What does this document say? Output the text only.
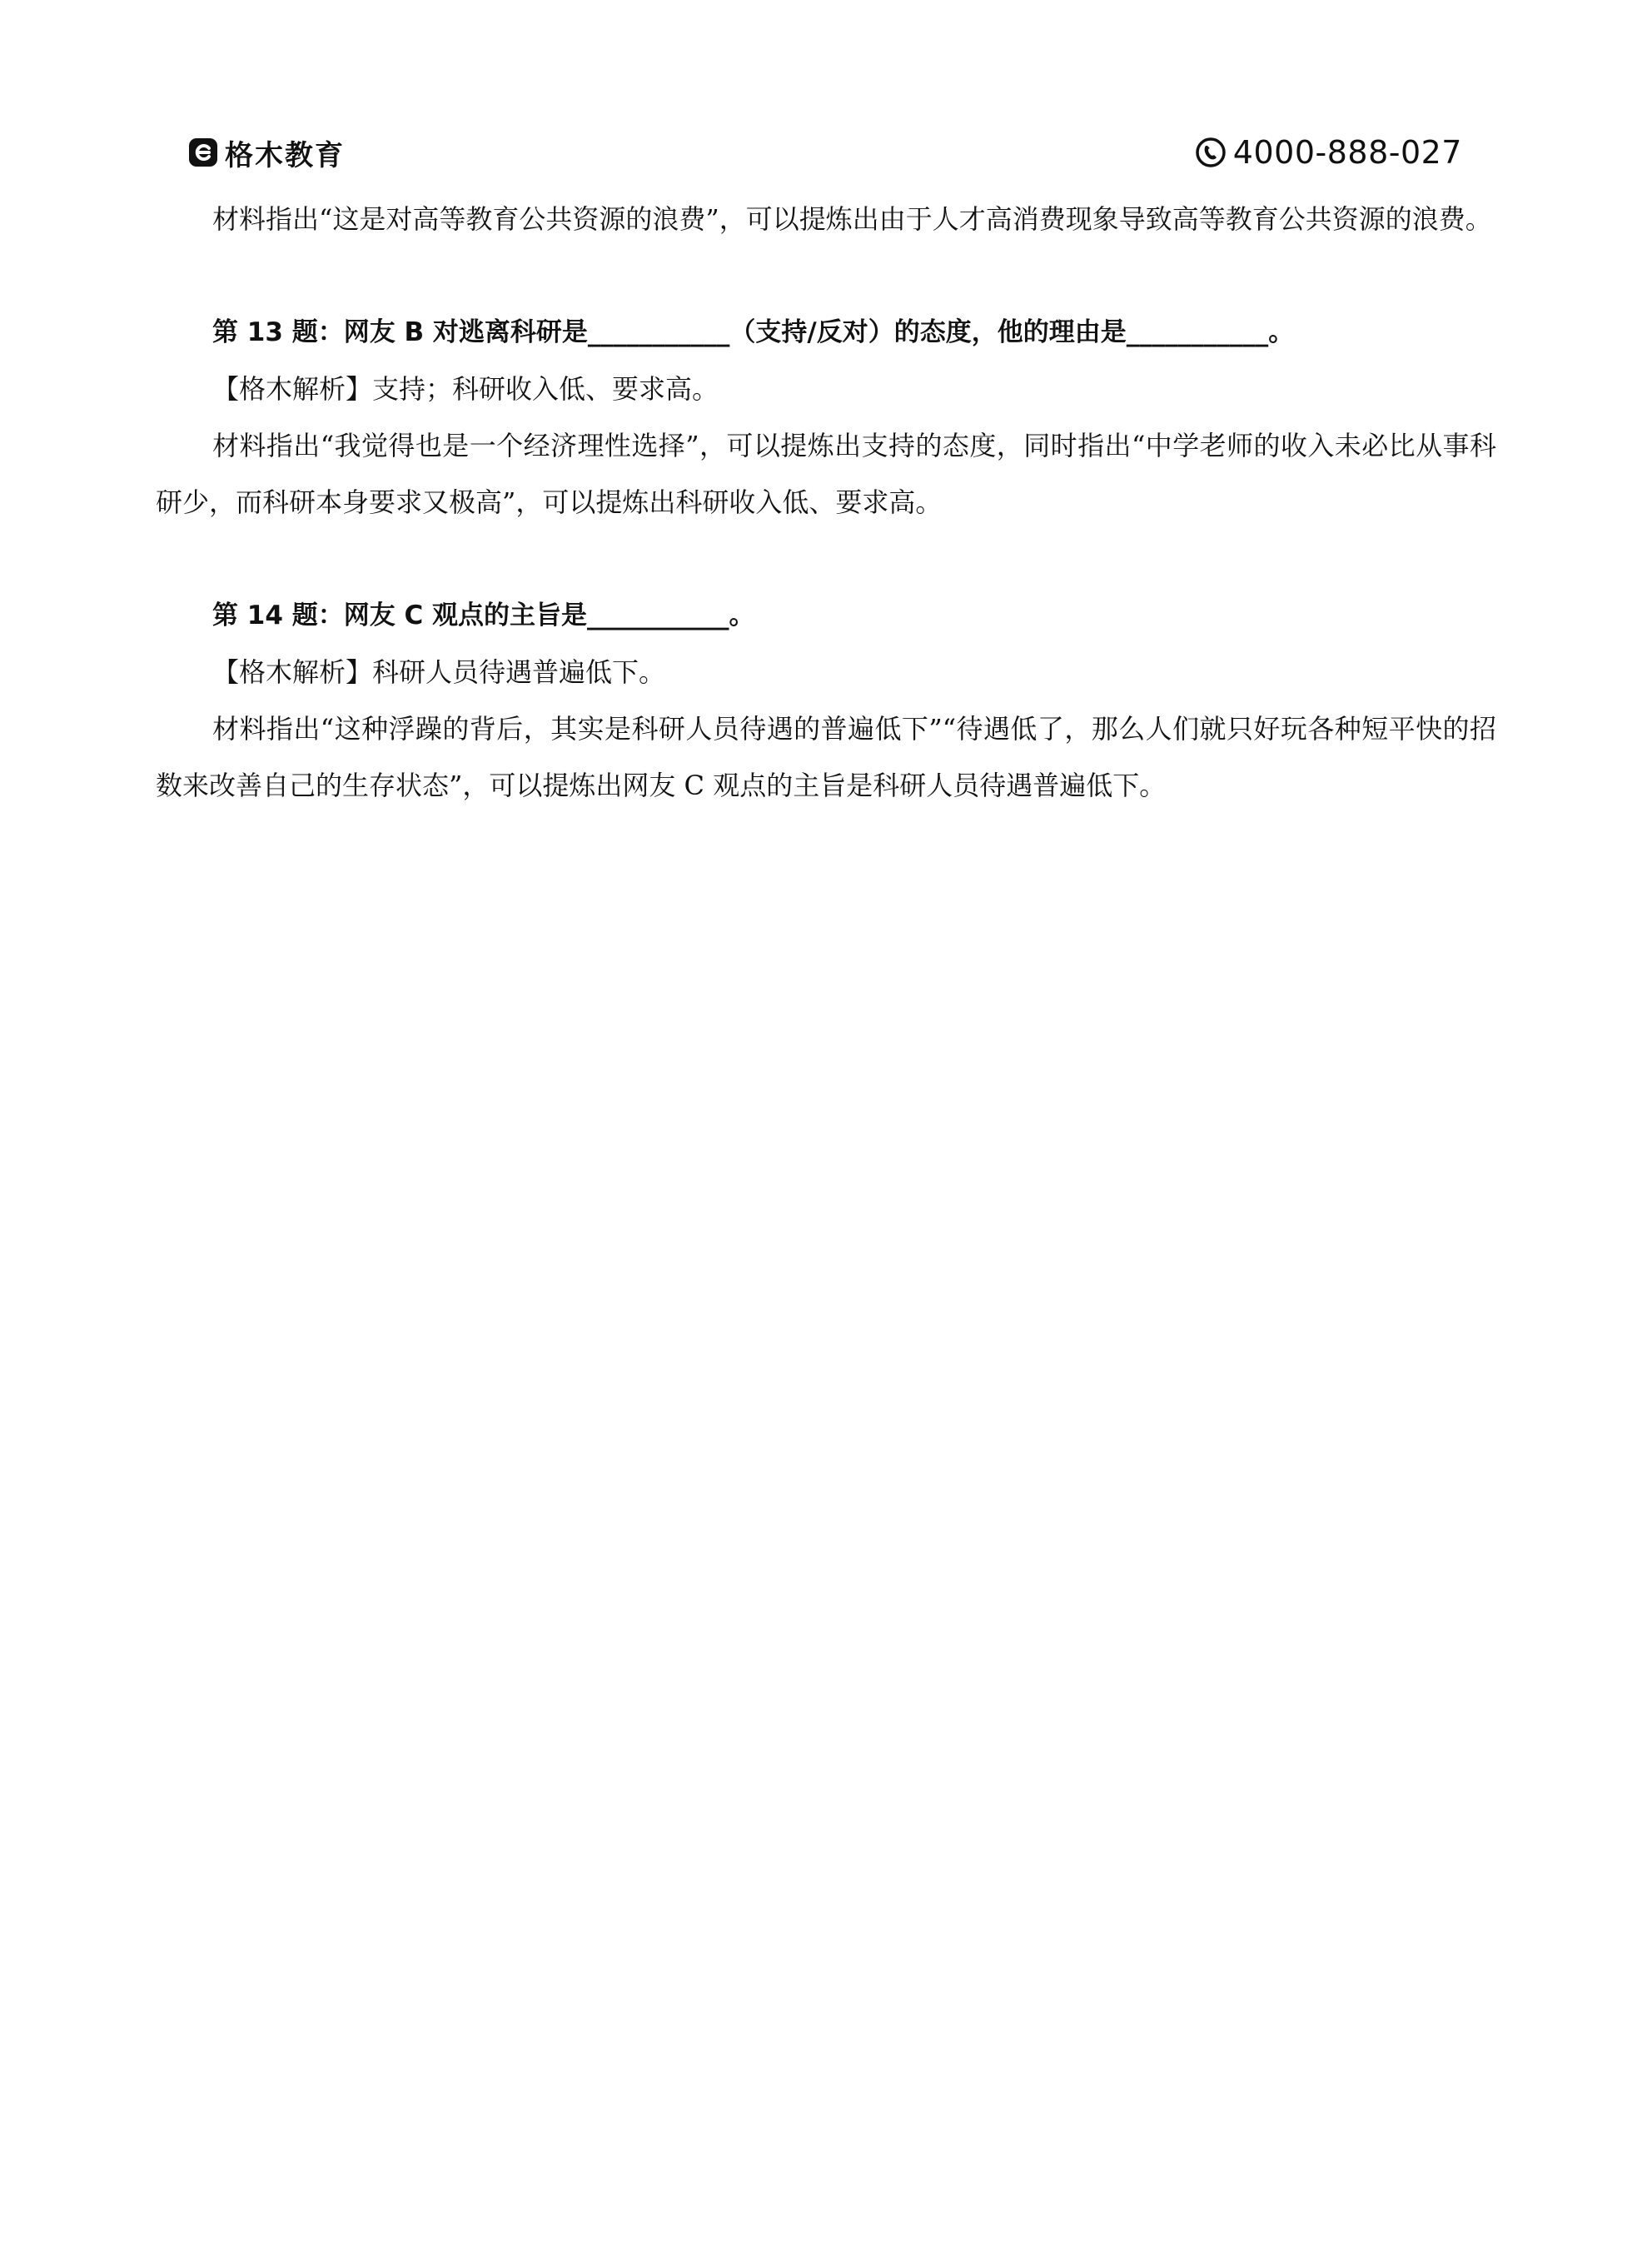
格木教育	4000-888-027

材料指出“这是对高等教育公共资源的浪费”，可以提炼出由于人才高消费现象导致高等教育公共资源的浪费。

第 13 题：网友 B 对逃离科研是___________（支持/反对）的态度，他的理由是___________。

【格木解析】支持；科研收入低、要求高。

材料指出“我觉得也是一个经济理性选择”，可以提炼出支持的态度，同时指出“中学老师的收入未必比从事科研少，而科研本身要求又极高”，可以提炼出科研收入低、要求高。

第 14 题：网友 C 观点的主旨是___________。

【格木解析】科研人员待遇普遍低下。

材料指出“这种浮躁的背后，其实是科研人员待遇的普遍低下”“待遇低了，那么人们就只好玩各种短平快的招数来改善自己的生存状态”，可以提炼出网友 C 观点的主旨是科研人员待遇普遍低下。
